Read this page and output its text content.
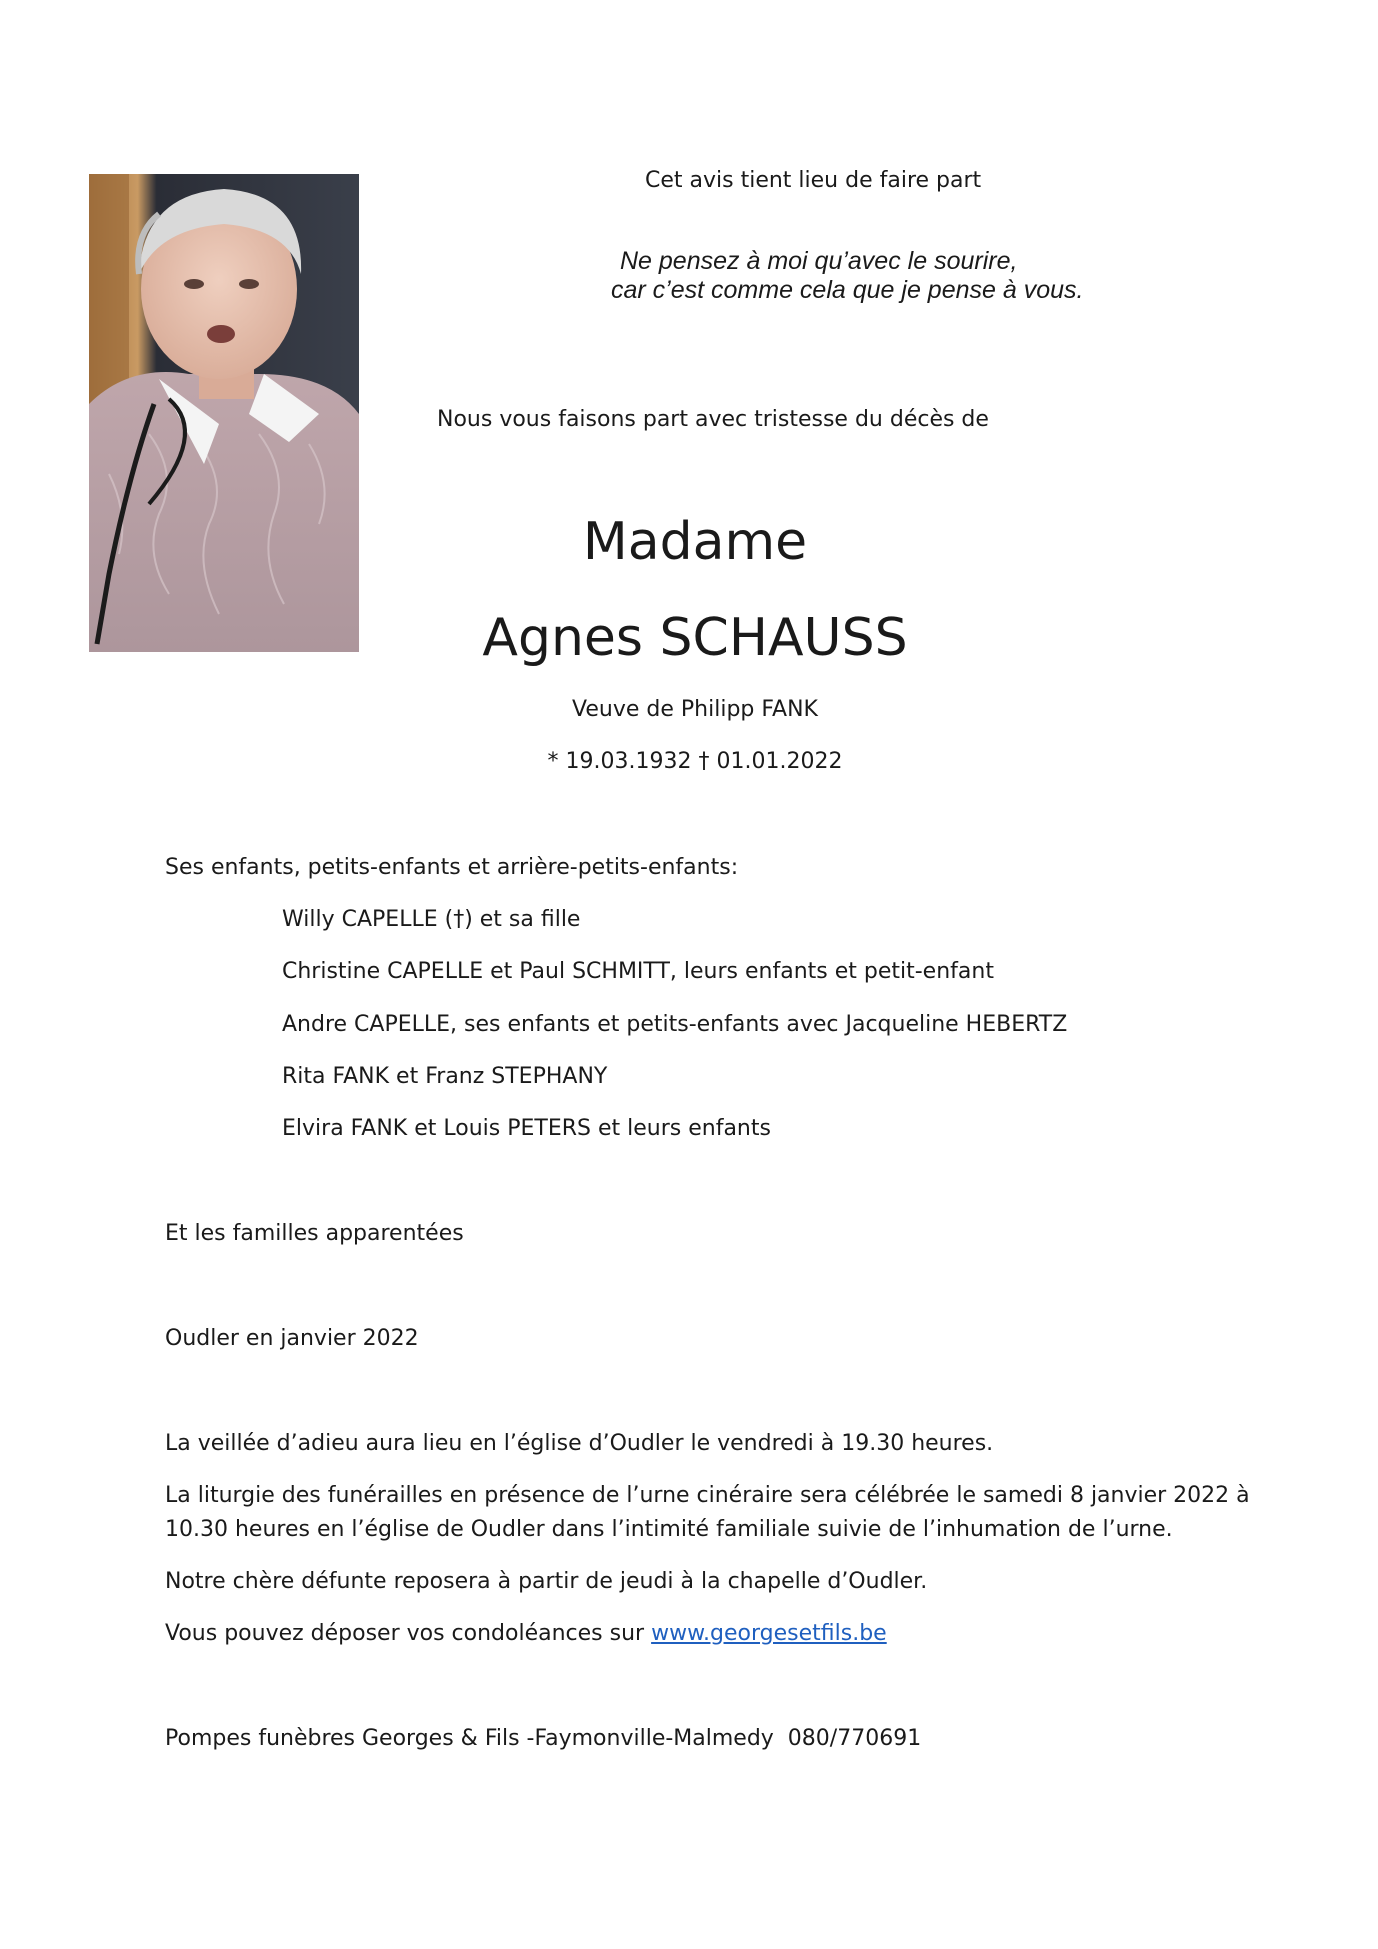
Cet avis tient lieu de faire part
Ne pensez à moi qu’avec le sourire,
car c’est comme cela que je pense à vous.
Nous vous faisons part avec tristesse du décès de
Madame
Agnes SCHAUSS
Veuve de Philipp FANK
* 19.03.1932 † 01.01.2022
Ses enfants, petits-enfants et arrière-petits-enfants:
Willy CAPELLE (†) et sa fille
Christine CAPELLE et Paul SCHMITT, leurs enfants et petit-enfant
Andre CAPELLE, ses enfants et petits-enfants avec Jacqueline HEBERTZ
Rita FANK et Franz STEPHANY
Elvira FANK et Louis PETERS et leurs enfants
Et les familles apparentées
Oudler en janvier 2022
La veillée d’adieu aura lieu en l’église d’Oudler le vendredi à 19.30 heures.
La liturgie des funérailles en présence de l’urne cinéraire sera célébrée le samedi 8 janvier 2022 à
10.30 heures en l’église de Oudler dans l’intimité familiale suivie de l’inhumation de l’urne.
Notre chère défunte reposera à partir de jeudi à la chapelle d’Oudler.
Vous pouvez déposer vos condoléances sur www.georgesetfils.be
Pompes funèbres Georges & Fils -Faymonville-Malmedy  080/770691
